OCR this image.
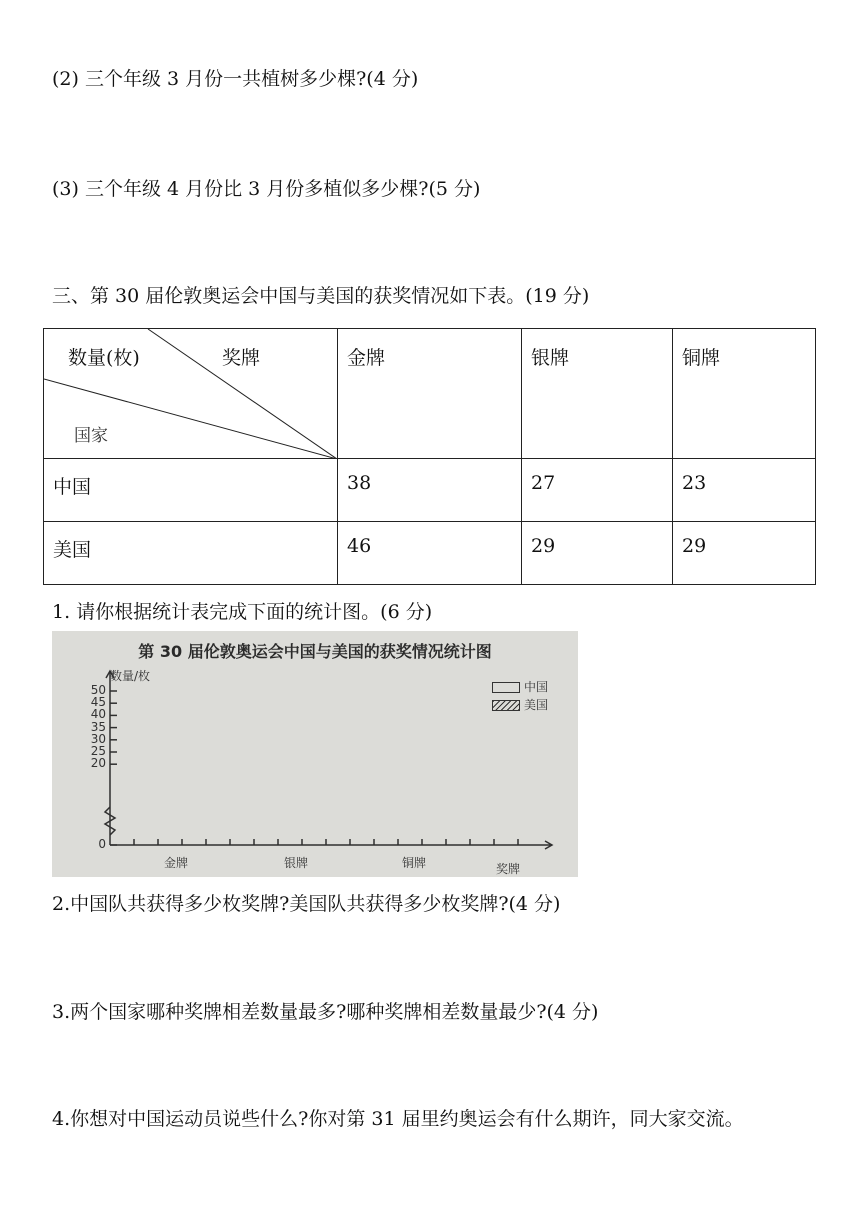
(2) 三个年级 3 月份一共植树多少棵?(4 分)
(3) 三个年级 4 月份比 3 月份多植似多少棵?(5 分)
三、第 30 届伦敦奥运会中国与美国的获奖情况如下表。(19 分)
数量(枚) 奖牌
国家	金牌	银牌	铜牌

中国	38	27	23

美国	46	29	29
1. 请你根据统计表完成下面的统计图。(6 分)
第 30 届伦敦奥运会中国与美国的获奖情况统计图
数量/枚
50
45
40
35
30
25
20
0
金牌	银牌	铜牌	奖牌
中国
美国
2.中国队共获得多少枚奖牌?美国队共获得多少枚奖牌?(4 分)
3.两个国家哪种奖牌相差数量最多?哪种奖牌相差数量最少?(4 分)
4.你想对中国运动员说些什么?你对第 31 届里约奥运会有什么期许，同大家交流。
